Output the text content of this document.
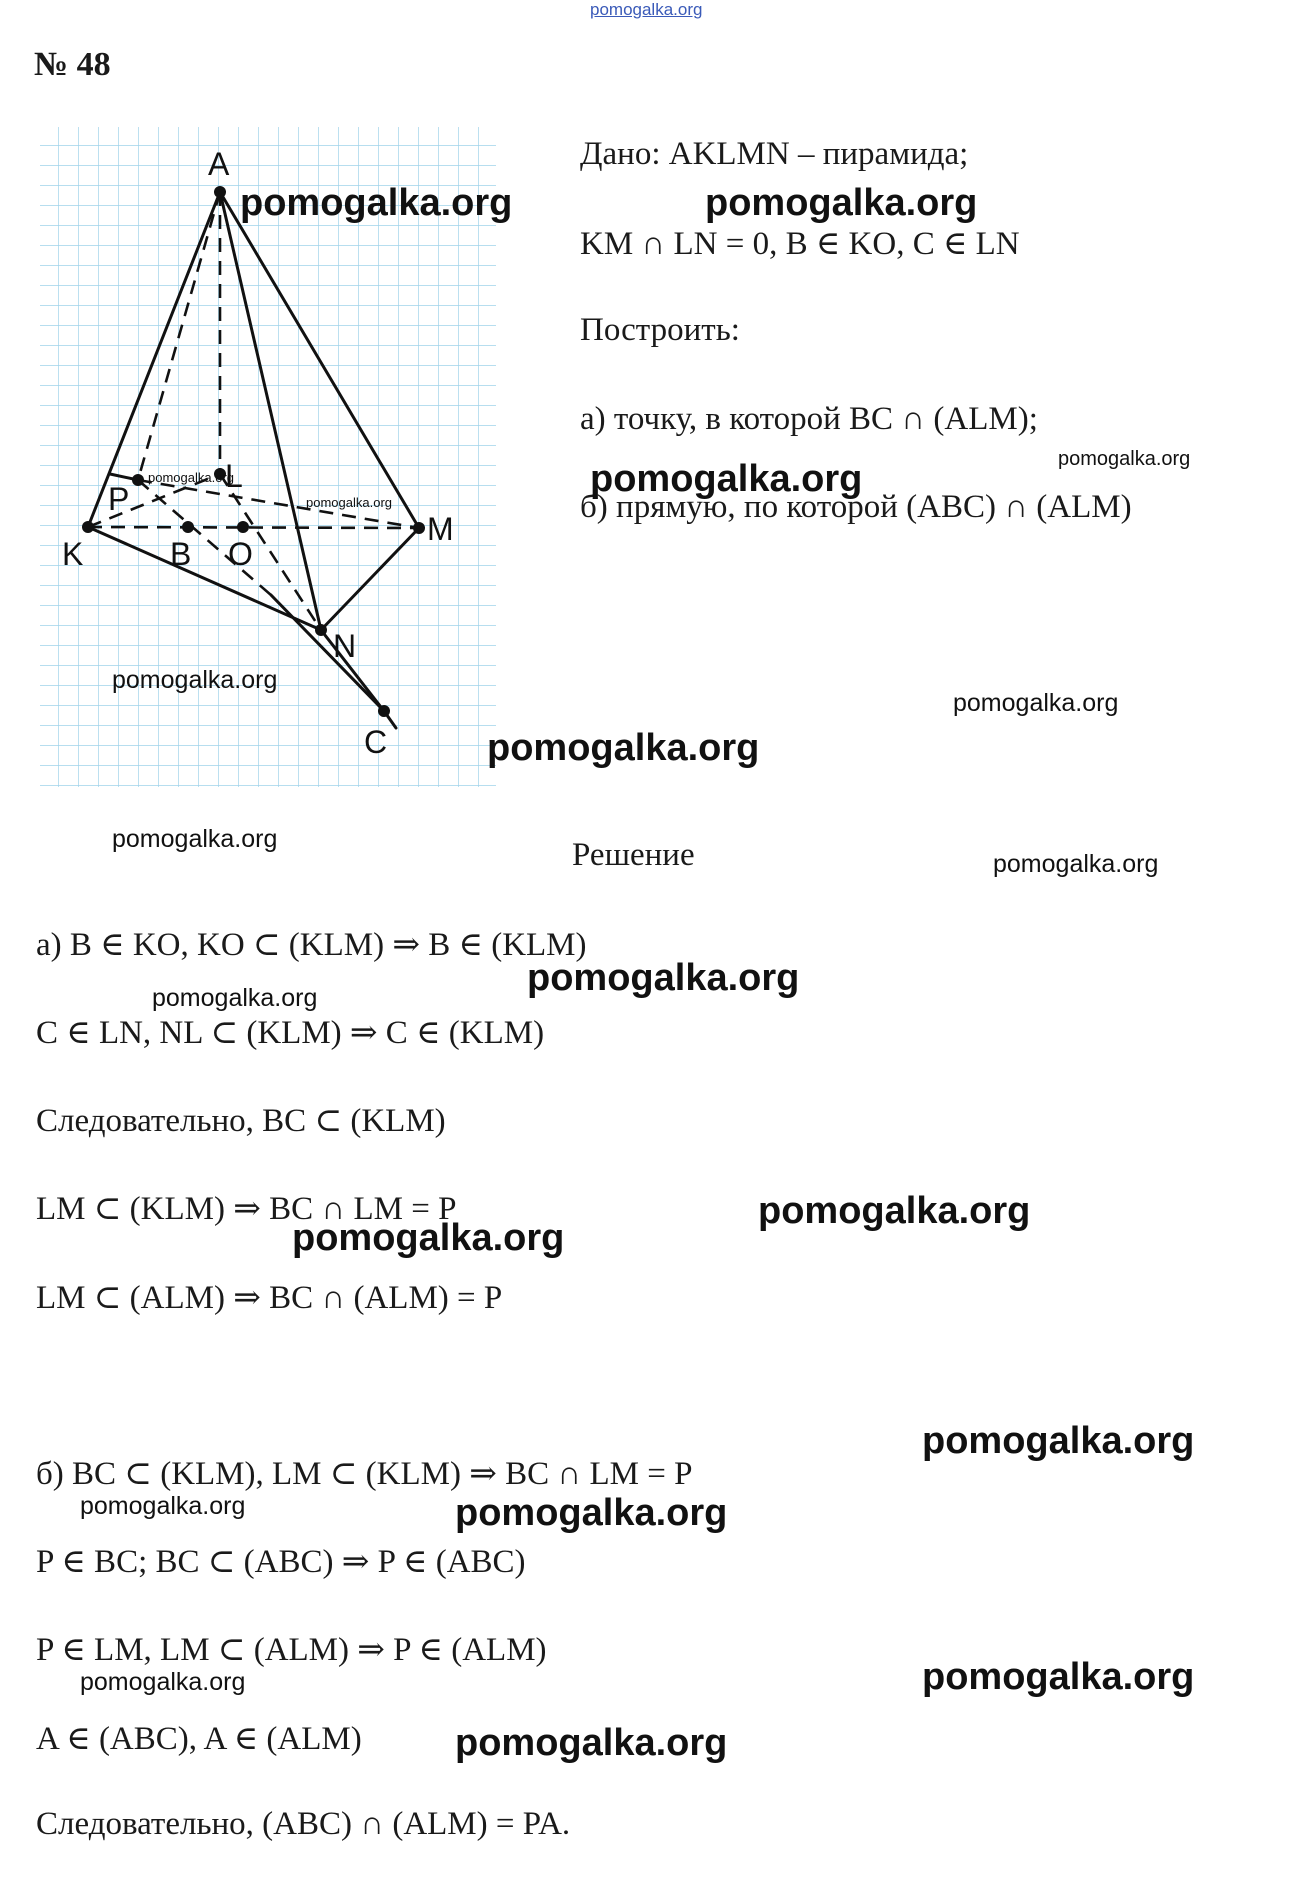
pomogalka.org
№ 48
A
L
P
M
K	B O
N
C
Дано: AKLMN – пирамида;
KM ∩ LN = 0, B ∈ KO, C ∈ LN
Построить:
а) точку, в которой BC ∩ (ALM);
б) прямую, по которой (ABC) ∩ (ALM)
Решение
а) B ∈ KO, KO ⊂ (KLM) ⇒ B ∈ (KLM)
C ∈ LN, NL ⊂ (KLM) ⇒ C ∈ (KLM)
Следовательно, BC ⊂ (KLM)
LM ⊂ (KLM) ⇒ BC ∩ LM = P
LM ⊂ (ALM) ⇒ BC ∩ (ALM) = P
б) BC ⊂ (KLM), LM ⊂ (KLM) ⇒ BC ∩ LM = P
P ∈ BC; BC ⊂ (ABC) ⇒ P ∈ (ABC)
P ∈ LM, LM ⊂ (ALM) ⇒ P ∈ (ALM)
A ∈ (ABC), A ∈ (ALM)
Следовательно, (ABC) ∩ (ALM) = PA.
pomogalka.org	pomogalka.org
pomogalka.org
pomogalka.org
pomogalka.org
pomogalka.org
pomogalka.org
pomogalka.org
pomogalka.org
pomogalka.org
pomogalka.org
pomogalka.org
pomogalka.org
pomogalka.org
pomogalka.org
pomogalka.org
pomogalka.org	pomogalka.org
pomogalka.org	pomogalka.org
pomogalka.org
